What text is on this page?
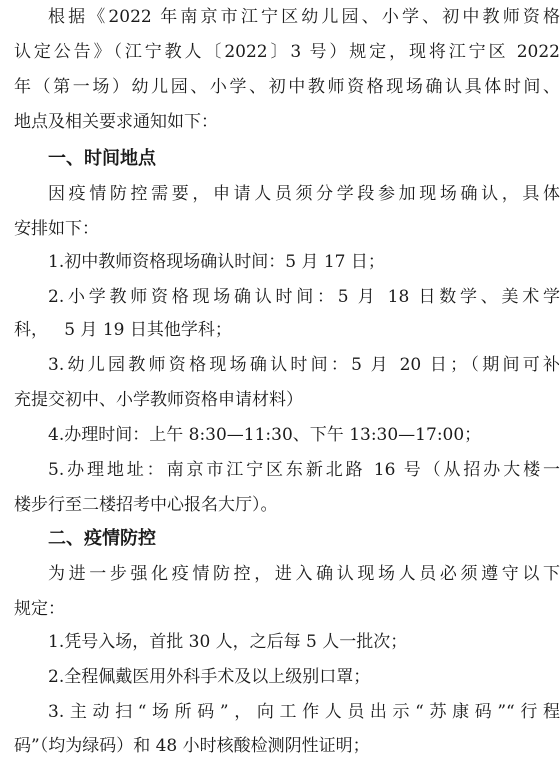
根据《2022 年南京市江宁区幼儿园、小学、初中教师资格
认定公告》（江宁教人〔2022〕3 号）规定，现将江宁区 2022
年（第一场）幼儿园、小学、初中教师资格现场确认具体时间、
地点及相关要求通知如下：
一、时间地点
因疫情防控需要，申请人员须分学段参加现场确认，具体
安排如下：
1.初中教师资格现场确认时间：5 月 17 日；
2.小学教师资格现场确认时间：5 月 18 日数学、美术学
科，   5 月 19 日其他学科；
3.幼儿园教师资格现场确认时间：5 月 20 日；（期间可补
充提交初中、小学教师资格申请材料）
4.办理时间：上午 8:30—11:30、下午 13:30—17:00；
5.办理地址：南京市江宁区东新北路 16 号（从招办大楼一
楼步行至二楼招考中心报名大厅）。
二、疫情防控
为进一步强化疫情防控，进入确认现场人员必须遵守以下
规定：
1.凭号入场，首批 30 人，之后每 5 人一批次；
2.全程佩戴医用外科手术及以上级别口罩；
3.主动扫“场所码”，向工作人员出示“苏康码”“行程
码”（均为绿码）和 48 小时核酸检测阴性证明；
